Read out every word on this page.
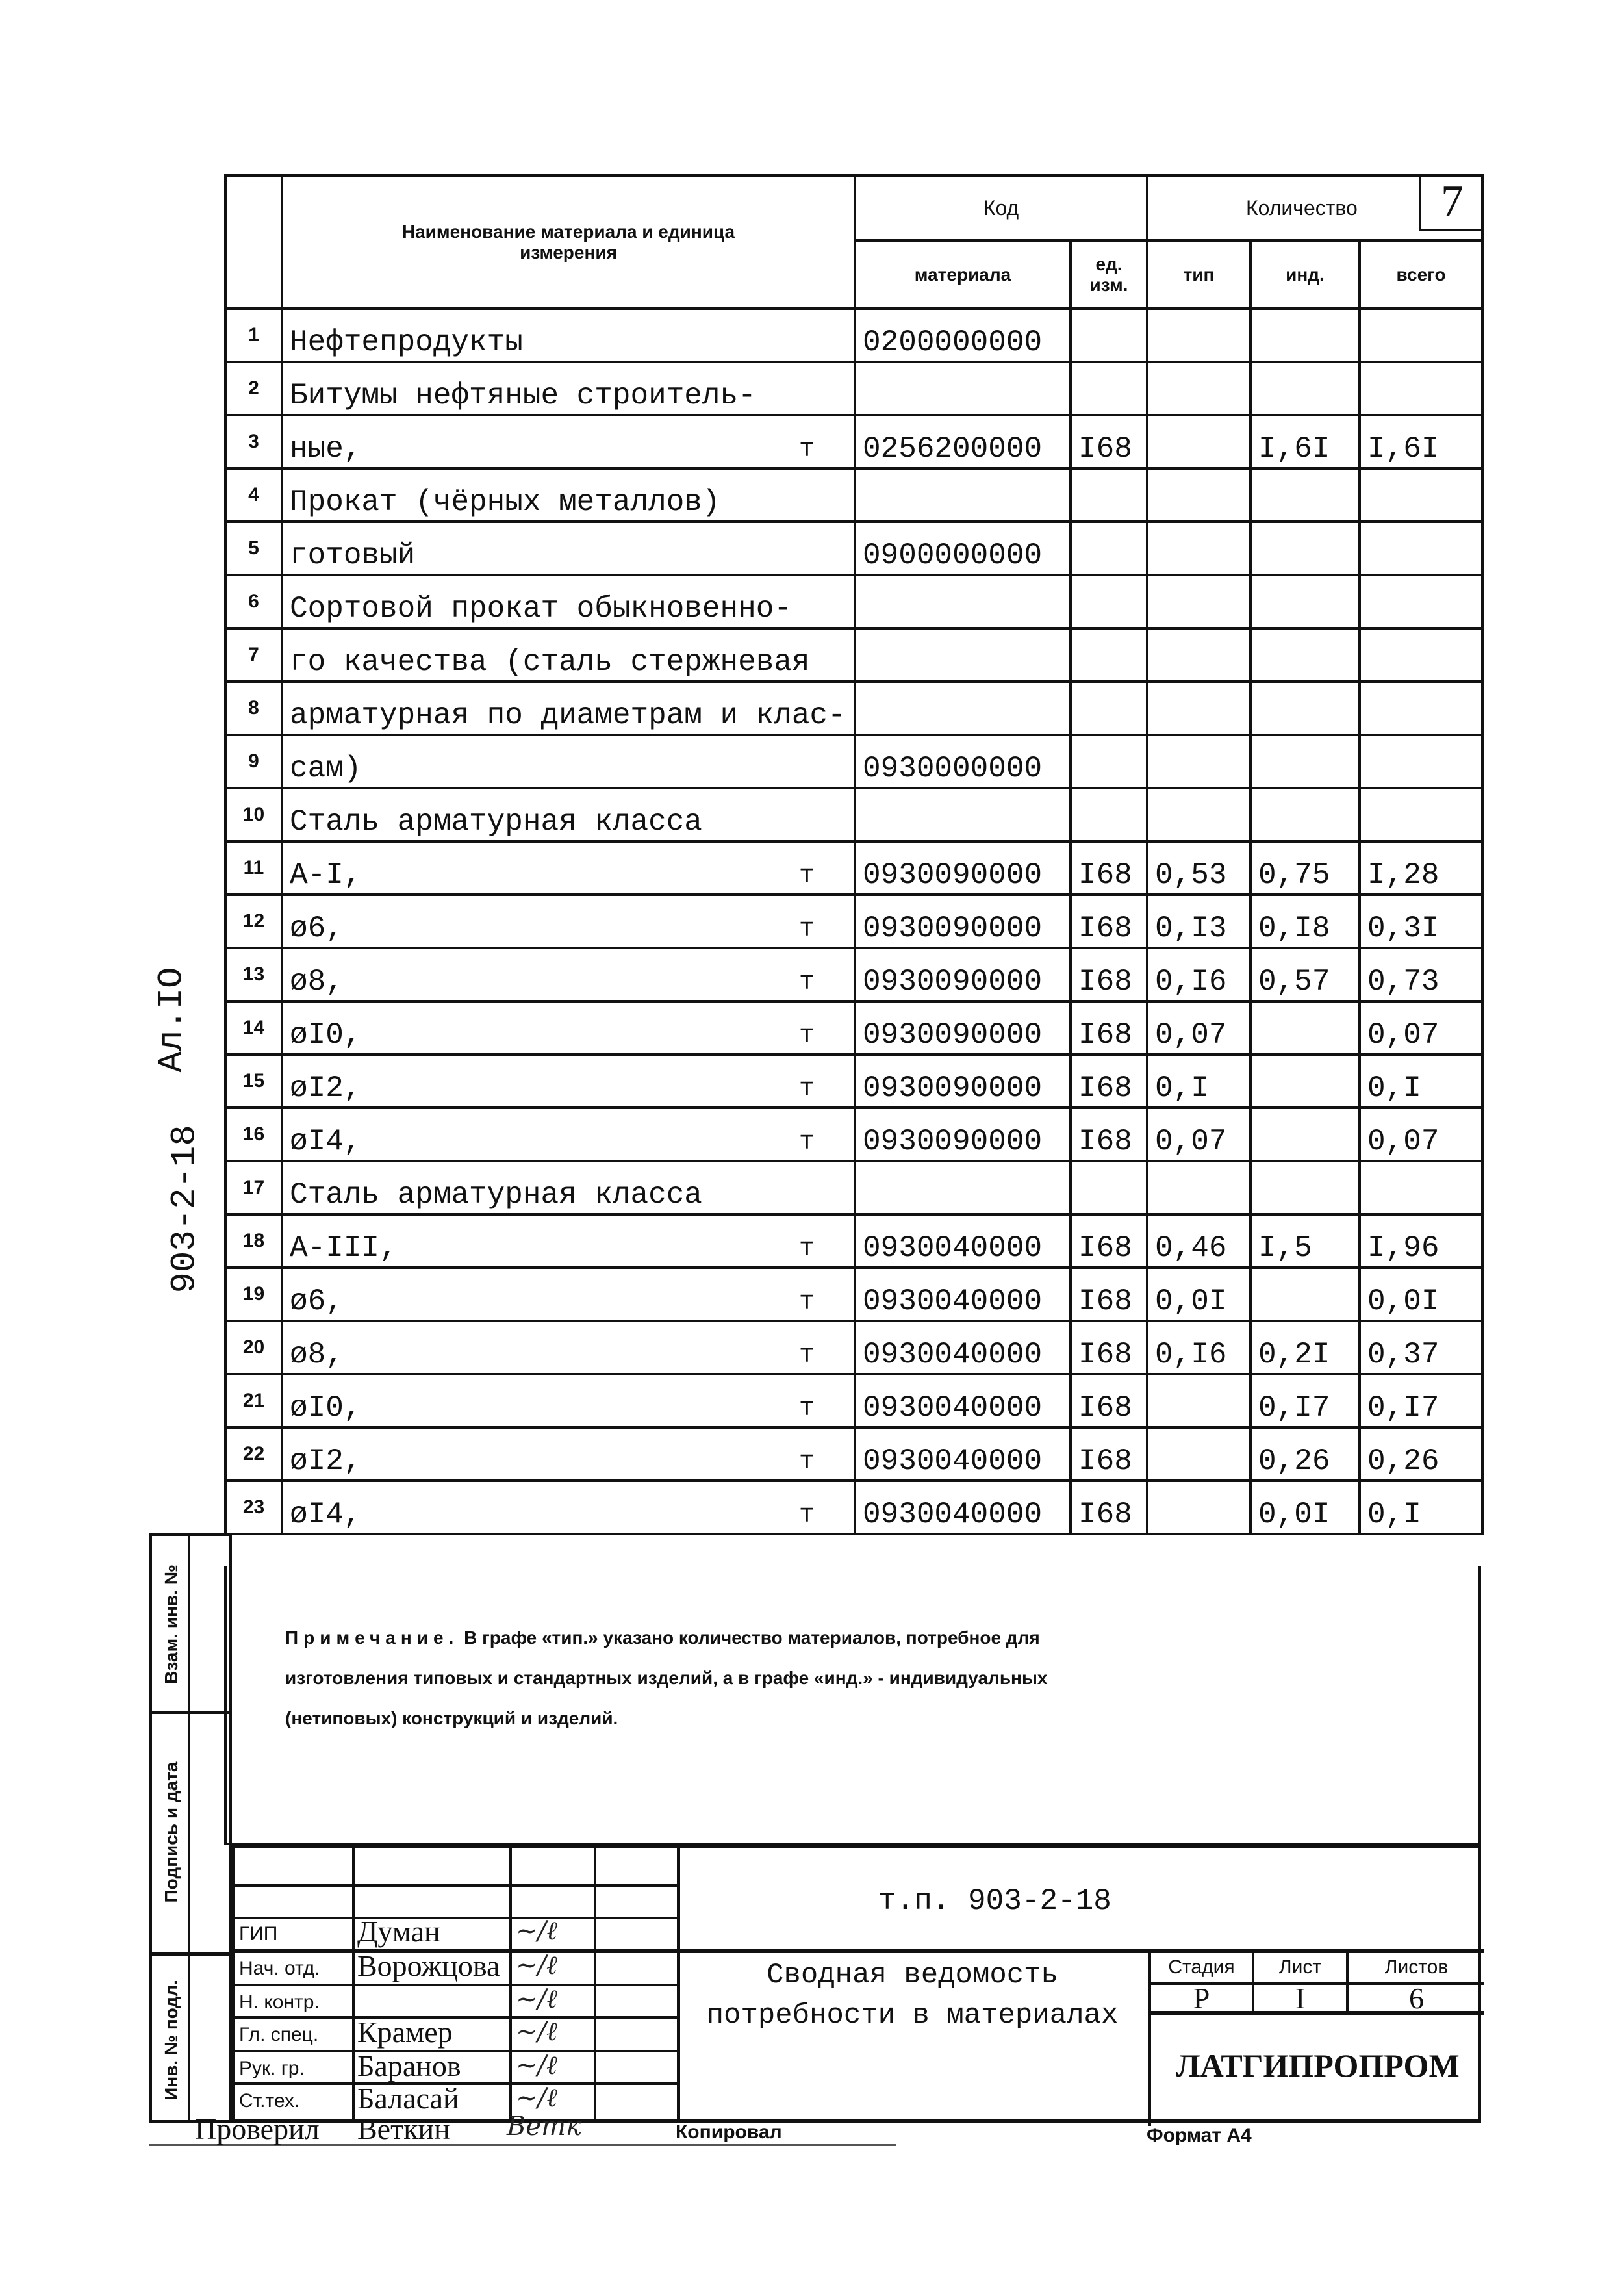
903-2-18
Ал.IO
	Наименование материала и единица измерения	Код		Количество		
		материала	ед. изм.	тип	инд.	всего
1	Нефтепродукты	0200000000				
2	Битумы нефтяные строитель-

3	ные, т	0256200000	I68		I,6I	I,6I
4	Прокат (чёрных металлов)

5	готовый	0900000000				
6	Сортовой прокат обыкновенно-

7	го качества (сталь стержневая

8	арматурная по диаметрам и клас-

9	сам)	0930000000				
10	Сталь арматурная класса

11	A-I, т	0930090000	I68	0,53	0,75	I,28
12	ø6, т	0930090000	I68	0,I3	0,I8	0,3I
13	ø8, т	0930090000	I68	0,I6	0,57	0,73
14	øI0, т	0930090000	I68	0,07		0,07
15	øI2, т	0930090000	I68	0,I		0,I
16	øI4, т	0930090000	I68	0,07		0,07
17	Сталь арматурная класса

18	A-III, т	0930040000	I68	0,46	I,5	I,96
19	ø6, т	0930040000	I68	0,0I		0,0I
20	ø8, т	0930040000	I68	0,I6	0,2I	0,37
21	øI0, т	0930040000	I68		0,I7	0,I7
22	øI2, т	0930040000	I68		0,26	0,26
23	øI4, т	0930040000	I68		0,0I	0,I
7
Примечание. В графе «тип.» указано количество материалов, потребное для
изготовления типовых и стандартных изделий, а в графе «инд.» - индивидуальных
(нетиповых) конструкций и изделий.
Взам. инв. №
Подпись и дата
Инв. № подл.
ГИП	Думан	~/ℓ
Нач. отд. Ворожцова ~/ℓ
Н. контр.	~/ℓ
Гл. спец. Крамер ~/ℓ
Рук. гр. Баранов ~/ℓ
Ст.тех. Баласай ~/ℓ
т.п. 903-2-18
Сводная ведомость
потребности в материалах
Стадия	Лист	Листов
Р	I	6
ЛАТГИПРОПРОМ
Проверил Веткин Ветк	Копировал	Формат А4
